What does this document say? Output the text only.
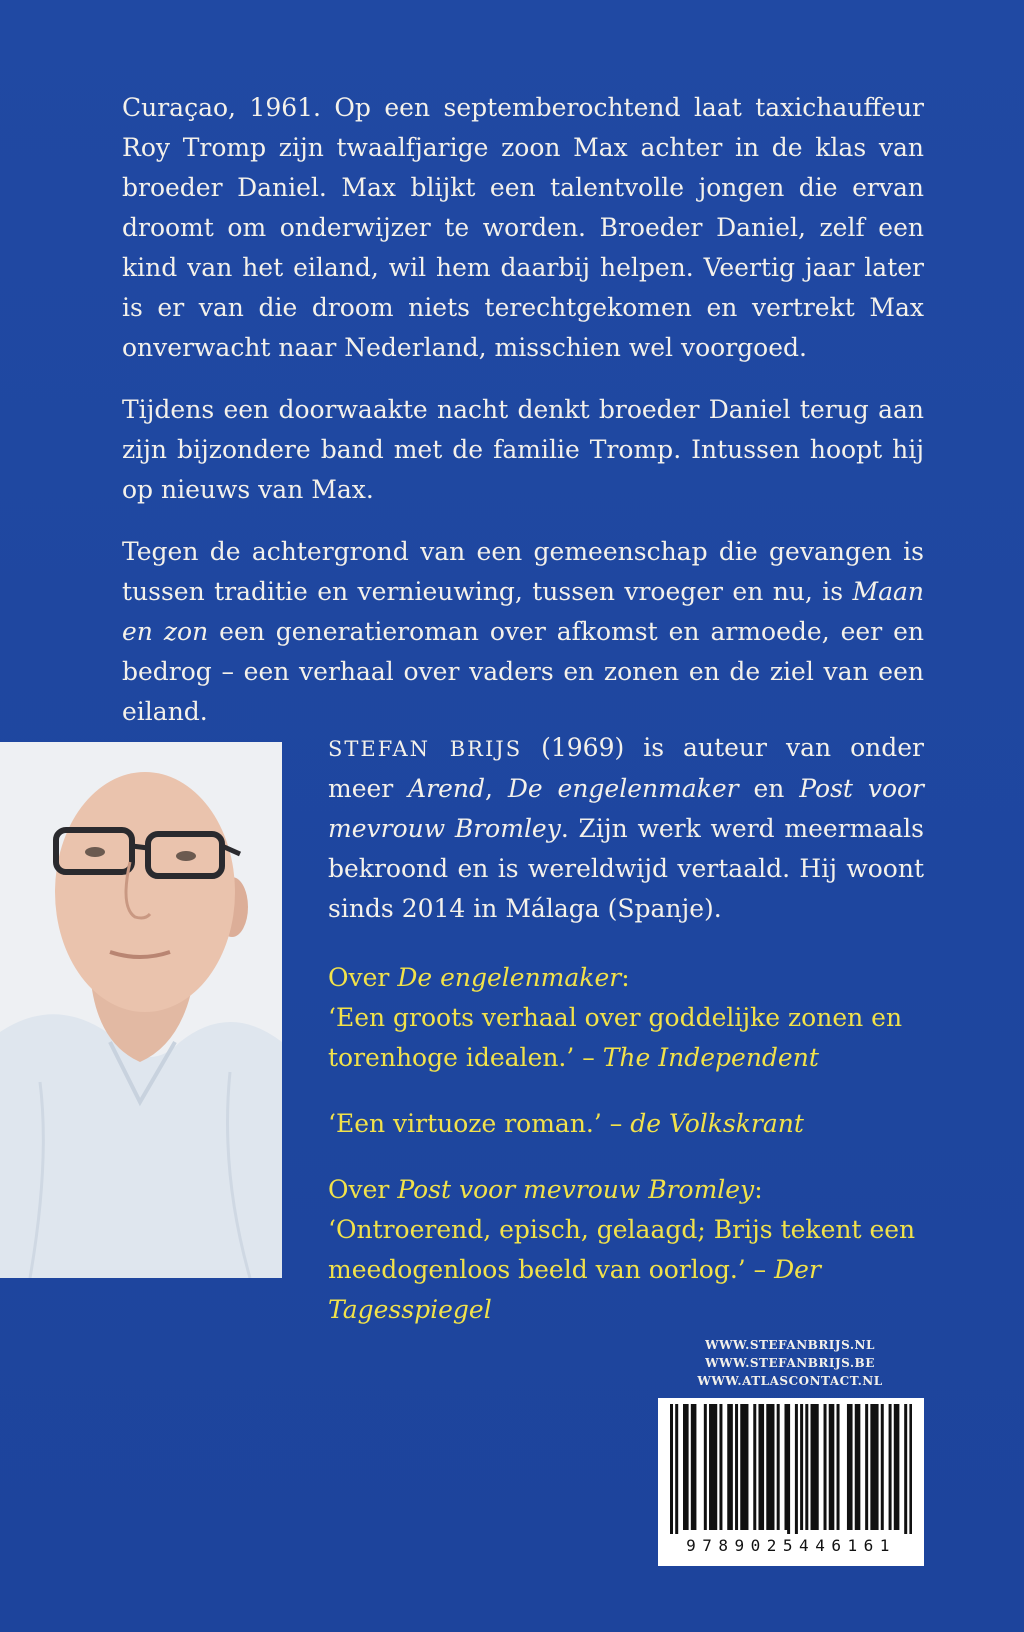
Curaçao, 1961. Op een septemberochtend laat taxichauffeur Roy Tromp zijn twaalfjarige zoon Max achter in de klas van broeder Daniel. Max blijkt een talentvolle jongen die ervan droomt om onderwijzer te worden. Broeder Daniel, zelf een kind van het eiland, wil hem daarbij helpen. Veertig jaar later is er van die droom niets terechtgekomen en vertrekt Max onverwacht naar Nederland, misschien wel voorgoed.

Tijdens een doorwaakte nacht denkt broeder Daniel terug aan zijn bijzondere band met de familie Tromp. Intussen hoopt hij op nieuws van Max.

Tegen de achtergrond van een gemeenschap die gevangen is tussen traditie en vernieuwing, tussen vroeger en nu, is Maan en zon een generatieroman over afkomst en armoede, eer en bedrog – een verhaal over vaders en zonen en de ziel van een eiland.

STEFAN BRIJS (1969) is auteur van onder meer Arend, De engelenmaker en Post voor mevrouw Bromley. Zijn werk werd meermaals bekroond en is wereldwijd vertaald. Hij woont sinds 2014 in Málaga (Spanje).

Over De engelenmaker:

‘Een groots verhaal over goddelijke zonen en torenhoge idealen.’ – The Independent

‘Een virtuoze roman.’ – de Volkskrant

Over Post voor mevrouw Bromley:

‘Ontroerend, episch, gelaagd; Brijs tekent een meedogenloos beeld van oorlog.’ – Der Tagesspiegel

WWW.STEFANBRIJS.NL
WWW.STEFANBRIJS.BE
WWW.ATLASCONTACT.NL
9789025446161
